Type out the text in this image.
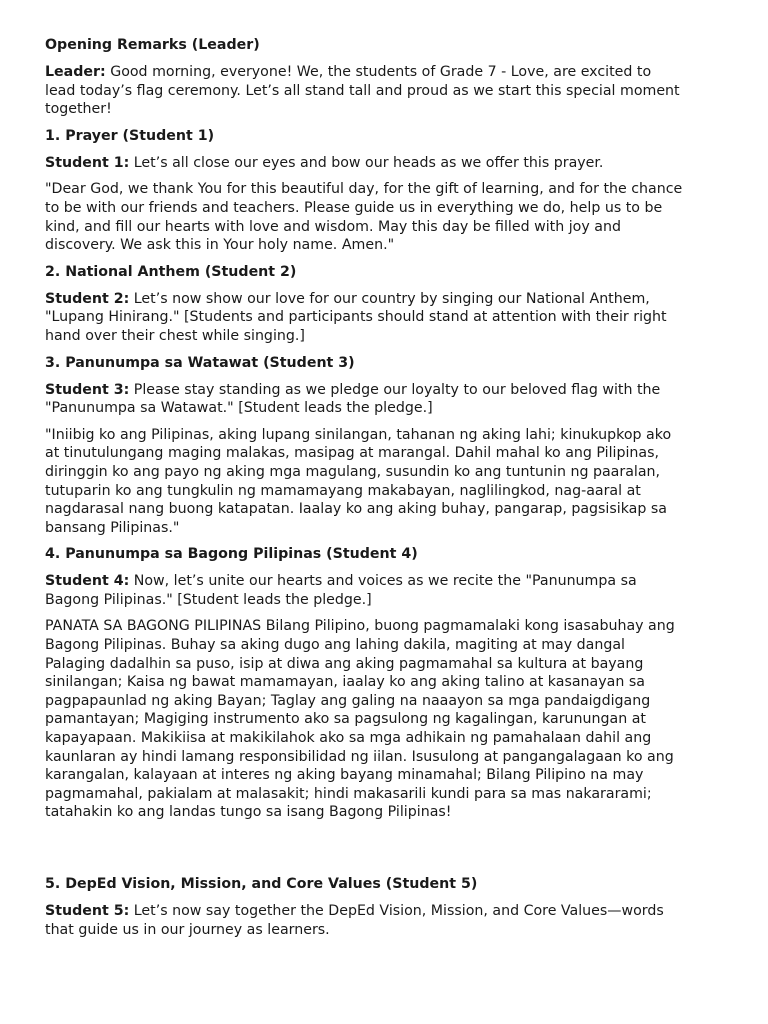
Opening Remarks (Leader)
Leader: Good morning, everyone! We, the students of Grade 7 - Love, are excited to lead today’s flag ceremony. Let’s all stand tall and proud as we start this special moment together!
1. Prayer (Student 1)
Student 1: Let’s all close our eyes and bow our heads as we offer this prayer.
"Dear God, we thank You for this beautiful day, for the gift of learning, and for the chance to be with our friends and teachers. Please guide us in everything we do, help us to be kind, and fill our hearts with love and wisdom. May this day be filled with joy and discovery. We ask this in Your holy name. Amen."
2. National Anthem (Student 2)
Student 2: Let’s now show our love for our country by singing our National Anthem, "Lupang Hinirang." [Students and participants should stand at attention with their right hand over their chest while singing.]
3. Panunumpa sa Watawat (Student 3)
Student 3: Please stay standing as we pledge our loyalty to our beloved flag with the "Panunumpa sa Watawat." [Student leads the pledge.]
"Iniibig ko ang Pilipinas, aking lupang sinilangan, tahanan ng aking lahi; kinukupkop ako at tinutulungang maging malakas, masipag at marangal. Dahil mahal ko ang Pilipinas, diringgin ko ang payo ng aking mga magulang, susundin ko ang tuntunin ng paaralan, tutuparin ko ang tungkulin ng mamamayang makabayan, naglilingkod, nag-aaral at nagdarasal nang buong katapatan. Iaalay ko ang aking buhay, pangarap, pagsisikap sa bansang Pilipinas."
4. Panunumpa sa Bagong Pilipinas (Student 4)
Student 4: Now, let’s unite our hearts and voices as we recite the "Panunumpa sa Bagong Pilipinas." [Student leads the pledge.]
PANATA SA BAGONG PILIPINAS Bilang Pilipino, buong pagmamalaki kong isasabuhay ang Bagong Pilipinas. Buhay sa aking dugo ang lahing dakila, magiting at may dangal Palaging dadalhin sa puso, isip at diwa ang aking pagmamahal sa kultura at bayang sinilangan; Kaisa ng bawat mamamayan, iaalay ko ang aking talino at kasanayan sa pagpapaunlad ng aking Bayan; Taglay ang galing na naaayon sa mga pandaigdigang pamantayan; Magiging instrumento ako sa pagsulong ng kagalingan, karunungan at kapayapaan. Makikiisa at makikilahok ako sa mga adhikain ng pamahalaan dahil ang kaunlaran ay hindi lamang responsibilidad ng iilan. Isusulong at pangangalagaan ko ang karangalan, kalayaan at interes ng aking bayang minamahal; Bilang Pilipino na may pagmamahal, pakialam at malasakit; hindi makasarili kundi para sa mas nakararami; tatahakin ko ang landas tungo sa isang Bagong Pilipinas!
5. DepEd Vision, Mission, and Core Values (Student 5)
Student 5: Let’s now say together the DepEd Vision, Mission, and Core Values—words that guide us in our journey as learners.
